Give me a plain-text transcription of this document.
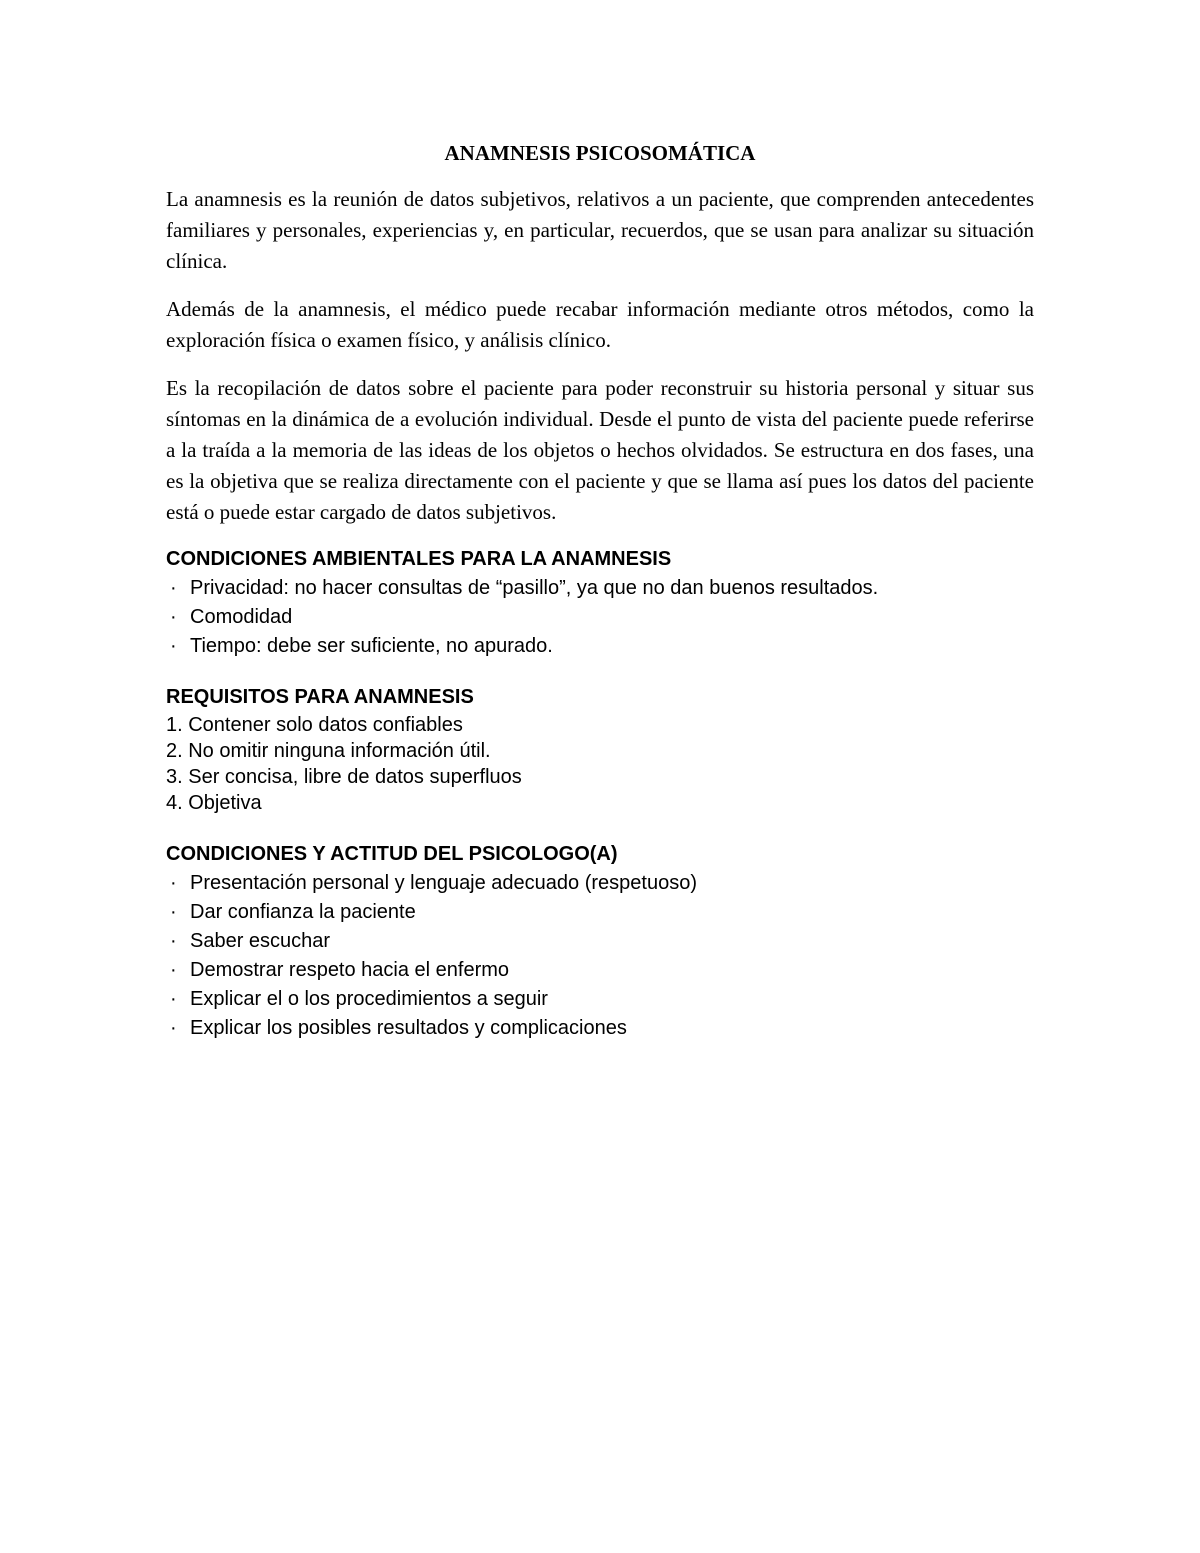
ANAMNESIS PSICOSOMÁTICA

La anamnesis es la reunión de datos subjetivos, relativos a un paciente, que comprenden antecedentes familiares y personales, experiencias y, en particular, recuerdos, que se usan para analizar su situación clínica.

Además de la anamnesis, el médico puede recabar información mediante otros métodos, como la exploración física o examen físico, y análisis clínico.

Es la recopilación de datos sobre el paciente para poder reconstruir su historia personal y situar sus síntomas en la dinámica de a evolución individual. Desde el punto de vista del paciente puede referirse a la traída a la memoria de las ideas de los objetos o hechos olvidados. Se estructura en dos fases, una es la objetiva que se realiza directamente con el paciente y que se llama así pues los datos del paciente está o puede estar cargado de datos subjetivos.

CONDICIONES AMBIENTALES PARA LA ANAMNESIS
· Privacidad: no hacer consultas de “pasillo”, ya que no dan buenos resultados.
· Comodidad
· Tiempo: debe ser suficiente, no apurado.
REQUISITOS PARA ANAMNESIS
1. Contener solo datos confiables
2. No omitir ninguna información útil.
3. Ser concisa, libre de datos superfluos
4. Objetiva
CONDICIONES Y ACTITUD DEL PSICOLOGO(A)
· Presentación personal y lenguaje adecuado (respetuoso)
· Dar confianza la paciente
· Saber escuchar
· Demostrar respeto hacia el enfermo
· Explicar el o los procedimientos a seguir
· Explicar los posibles resultados y complicaciones
